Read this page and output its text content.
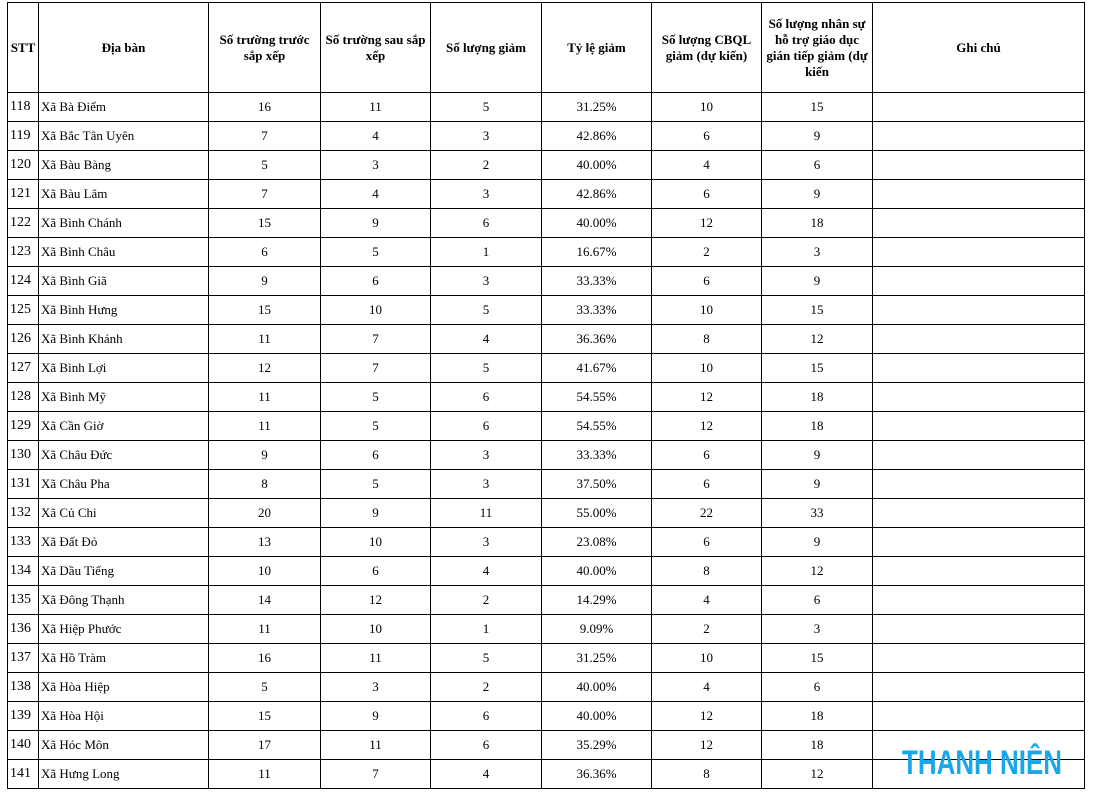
STT	Địa bàn	Số trường trước sắp xếp	Số trường sau sắp xếp	Số lượng giảm	Tỷ lệ giảm	Số lượng CBQL giảm (dự kiến)	Số lượng nhân sự hỗ trợ giáo dục gián tiếp giảm (dự kiến	Ghi chú
118	Xã Bà Điểm	16	11	5	31.25%	10	15	
119	Xã Bắc Tân Uyên	7	4	3	42.86%	6	9	
120	Xã Bàu Bàng	5	3	2	40.00%	4	6	
121	Xã Bàu Lâm	7	4	3	42.86%	6	9	
122	Xã Bình Chánh	15	9	6	40.00%	12	18	
123	Xã Bình Châu	6	5	1	16.67%	2	3	
124	Xã Bình Giã	9	6	3	33.33%	6	9	
125	Xã Bình Hưng	15	10	5	33.33%	10	15	
126	Xã Bình Khánh	11	7	4	36.36%	8	12	
127	Xã Bình Lợi	12	7	5	41.67%	10	15	
128	Xã Bình Mỹ	11	5	6	54.55%	12	18	
129	Xã Cần Giờ	11	5	6	54.55%	12	18	
130	Xã Châu Đức	9	6	3	33.33%	6	9	
131	Xã Châu Pha	8	5	3	37.50%	6	9	
132	Xã Củ Chi	20	9	11	55.00%	22	33	
133	Xã Đất Đỏ	13	10	3	23.08%	6	9	
134	Xã Dầu Tiếng	10	6	4	40.00%	8	12	
135	Xã Đông Thạnh	14	12	2	14.29%	4	6	
136	Xã Hiệp Phước	11	10	1	9.09%	2	3	
137	Xã Hồ Tràm	16	11	5	31.25%	10	15	
138	Xã Hòa Hiệp	5	3	2	40.00%	4	6	
139	Xã Hòa Hội	15	9	6	40.00%	12	18	
140	Xã Hóc Môn	17	11	6	35.29%	12	18	
141	Xã Hưng Long	11	7	4	36.36%	8	12	THANH NIÊN
